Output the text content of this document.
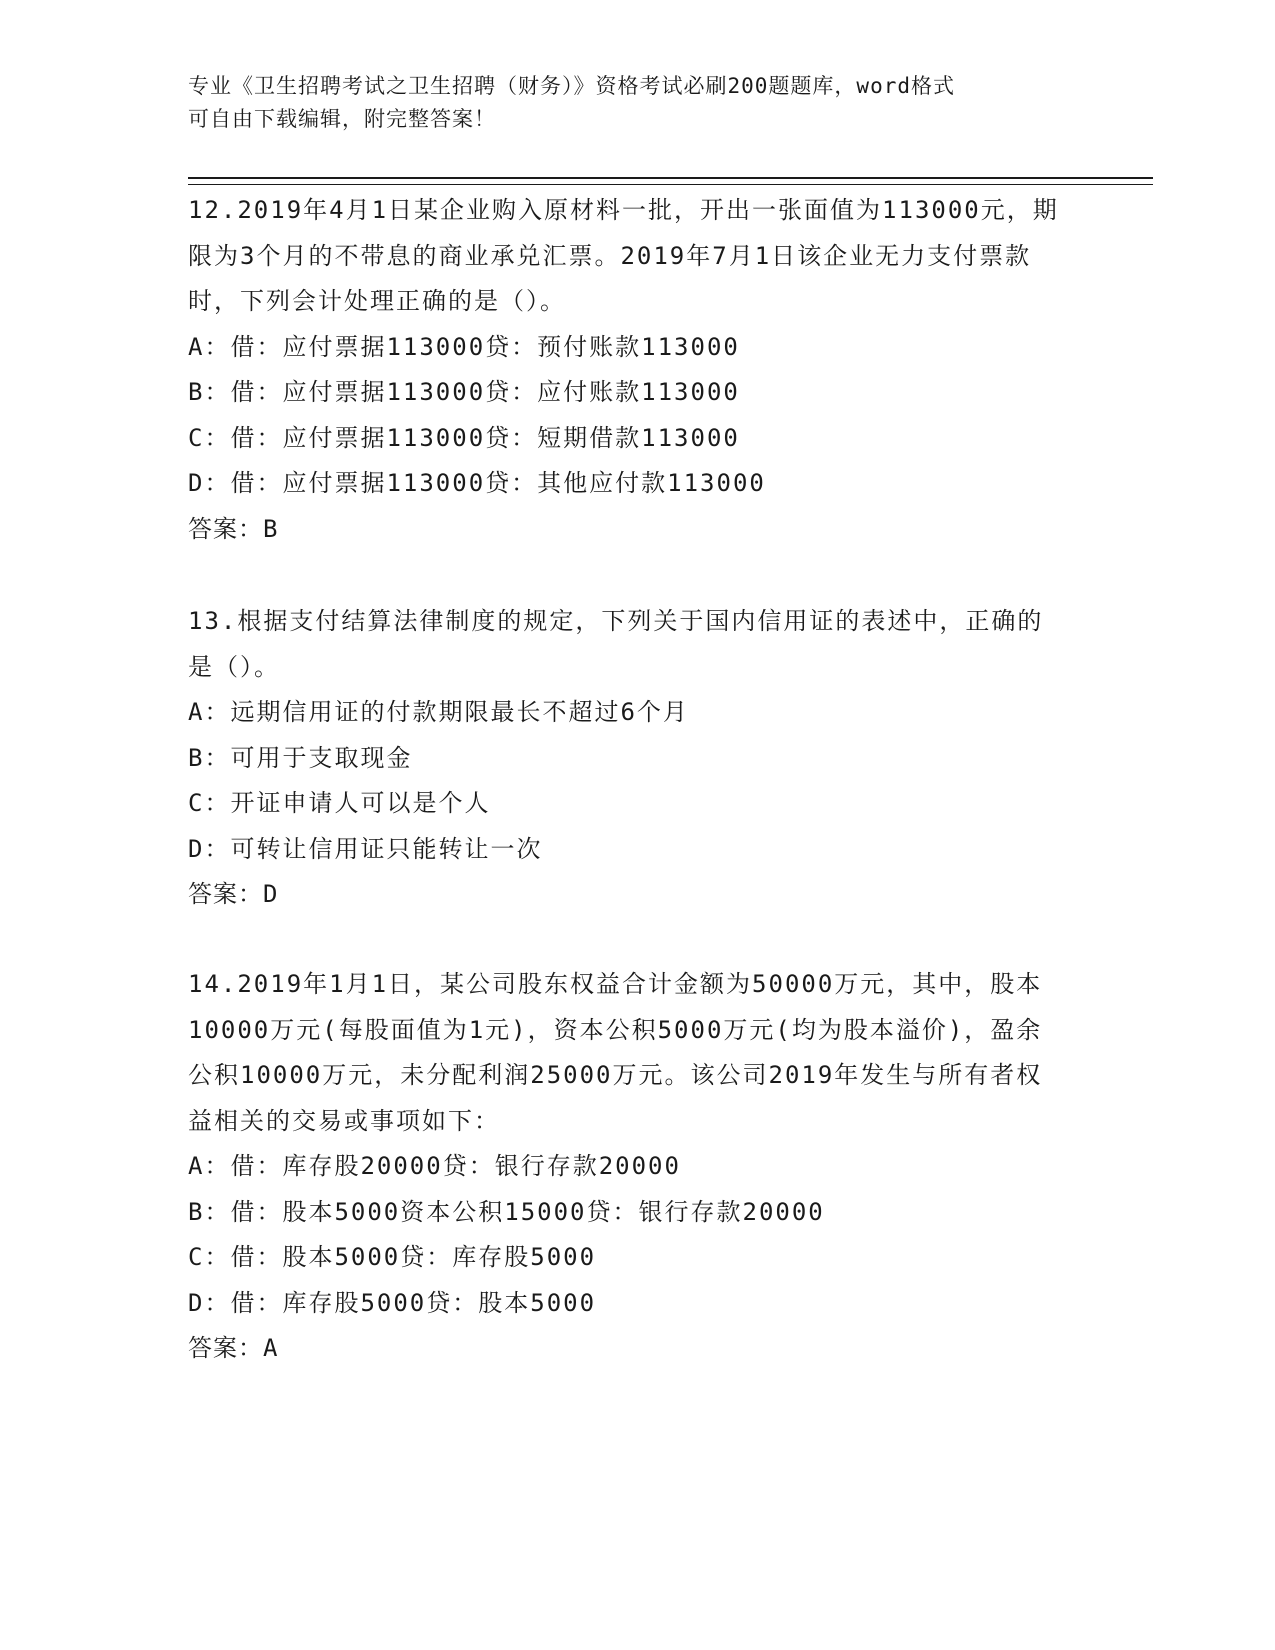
专业《卫生招聘考试之卫生招聘（财务）》资格考试必刷200题题库，word格式
可自由下载编辑，附完整答案！

12.2019年4月1日某企业购入原材料一批，开出一张面值为113000元，期限为3个月的不带息的商业承兑汇票。2019年7月1日该企业无力支付票款时，下列会计处理正确的是（）。

A：借：应付票据113000贷：预付账款113000

B：借：应付票据113000贷：应付账款113000

C：借：应付票据113000贷：短期借款113000

D：借：应付票据113000贷：其他应付款113000

答案：B

13.根据支付结算法律制度的规定，下列关于国内信用证的表述中，正确的是（）。

A：远期信用证的付款期限最长不超过6个月

B：可用于支取现金

C：开证申请人可以是个人

D：可转让信用证只能转让一次

答案：D

14.2019年1月1日，某公司股东权益合计金额为50000万元，其中，股本10000万元(每股面值为1元)，资本公积5000万元(均为股本溢价)，盈余公积10000万元，未分配利润25000万元。该公司2019年发生与所有者权益相关的交易或事项如下：

A：借：库存股20000贷：银行存款20000

B：借：股本5000资本公积15000贷：银行存款20000

C：借：股本5000贷：库存股5000

D：借：库存股5000贷：股本5000

答案：A
